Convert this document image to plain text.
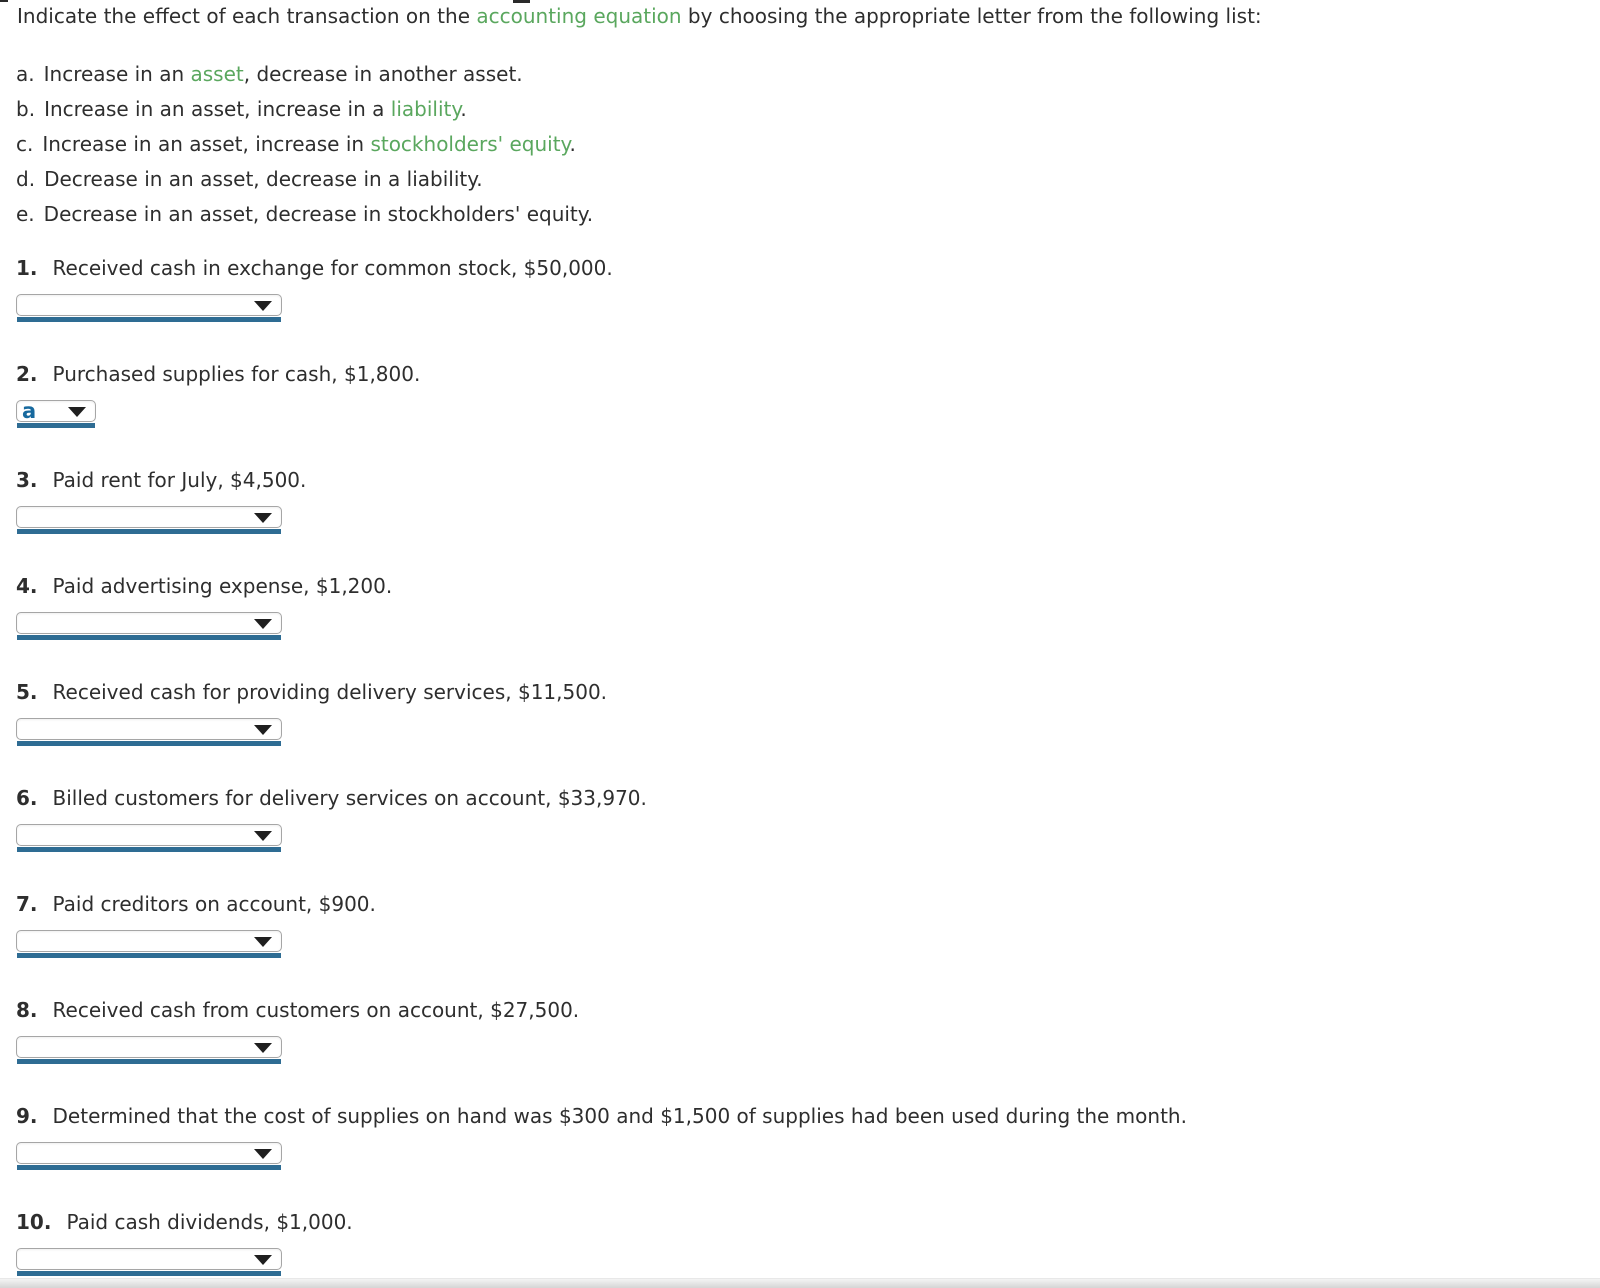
Indicate the effect of each transaction on the accounting equation by choosing the appropriate letter from the following list:

a. Increase in an asset, decrease in another asset.
b. Increase in an asset, increase in a liability.
c. Increase in an asset, increase in stockholders' equity.
d. Decrease in an asset, decrease in a liability.
e. Decrease in an asset, decrease in stockholders' equity.
1. Received cash in exchange for common stock, $50,000.
2. Purchased supplies for cash, $1,800.
a
3. Paid rent for July, $4,500.
4. Paid advertising expense, $1,200.
5. Received cash for providing delivery services, $11,500.
6. Billed customers for delivery services on account, $33,970.
7. Paid creditors on account, $900.
8. Received cash from customers on account, $27,500.
9. Determined that the cost of supplies on hand was $300 and $1,500 of supplies had been used during the month.
10. Paid cash dividends, $1,000.
